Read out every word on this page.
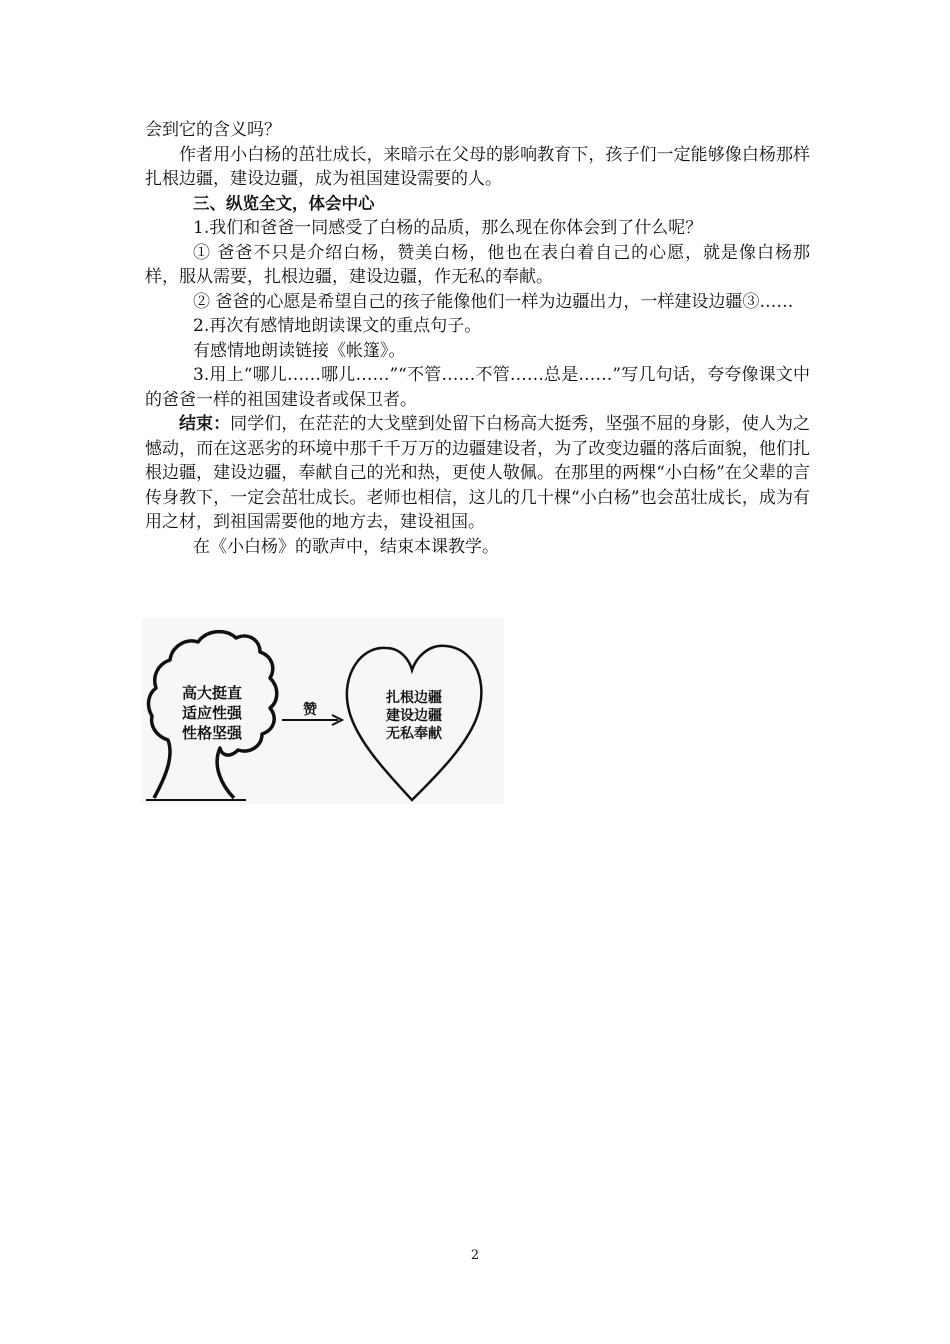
会到它的含义吗？

作者用小白杨的茁壮成长，来暗示在父母的影响教育下，孩子们一定能够像白杨那样扎根边疆，建设边疆，成为祖国建设需要的人。

三、纵览全文，体会中心

1.我们和爸爸一同感受了白杨的品质，那么现在你体会到了什么呢？

① 爸爸不只是介绍白杨，赞美白杨，他也在表白着自己的心愿，就是像白杨那样，服从需要，扎根边疆，建设边疆，作无私的奉献。

② 爸爸的心愿是希望自己的孩子能像他们一样为边疆出力，一样建设边疆③……

2.再次有感情地朗读课文的重点句子。

有感情地朗读链接《帐篷》。

3.用上“哪儿……哪儿……”“不管……不管……总是……”写几句话，夸夸像课文中的爸爸一样的祖国建设者或保卫者。

结束：同学们，在茫茫的大戈壁到处留下白杨高大挺秀，坚强不屈的身影，使人为之憾动，而在这恶劣的环境中那千千万万的边疆建设者，为了改变边疆的落后面貌，他们扎根边疆，建设边疆，奉献自己的光和热，更使人敬佩。在那里的两棵“小白杨”在父辈的言传身教下，一定会茁壮成长。老师也相信，这儿的几十棵“小白杨”也会茁壮成长，成为有用之材，到祖国需要他的地方去，建设祖国。

在《小白杨》的歌声中，结束本课教学。

高大挺直
适应性强
性格坚强
赞
扎根边疆
建设边疆
无私奉献
2
